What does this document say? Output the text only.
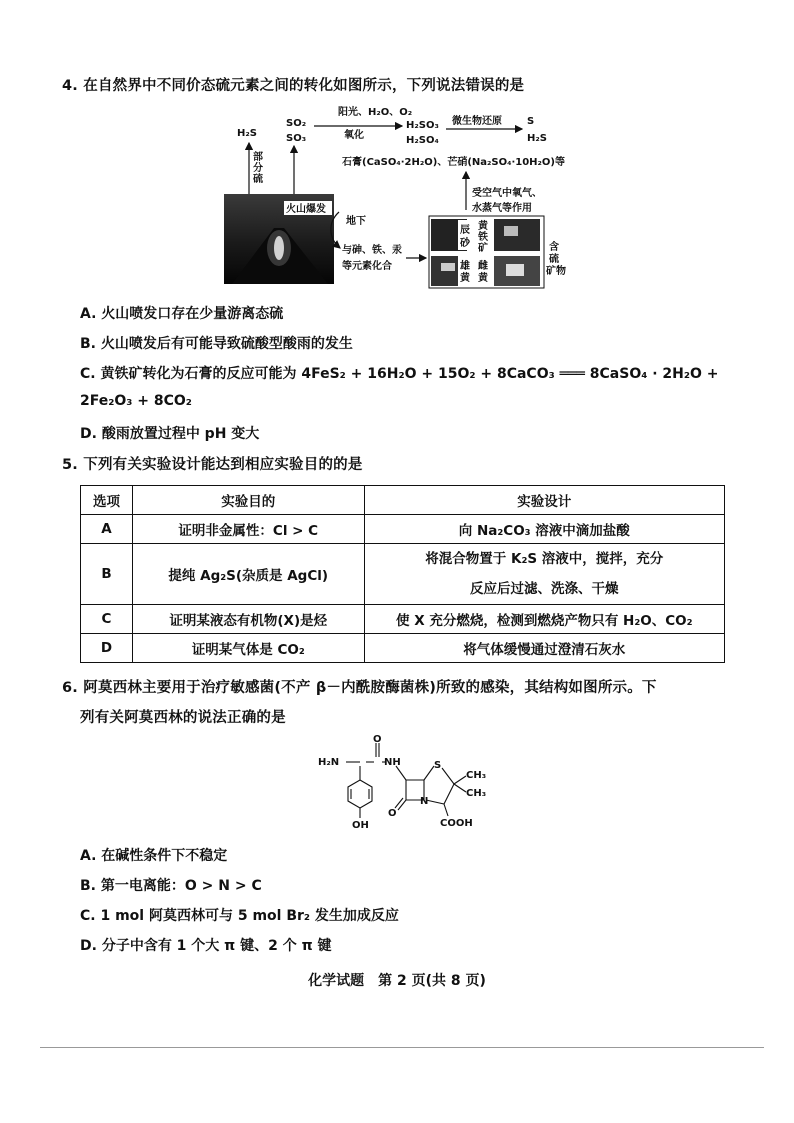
4. 在自然界中不同价态硫元素之间的转化如图所示，下列说法错误的是
H₂S
SO₂
SO₃
阳光、H₂O、O₂
氧化
H₂SO₃
H₂SO₄
微生物还原	S
H₂S
石膏(CaSO₄·2H₂O)、芒硝(Na₂SO₄·10H₂O)等
部
分
硫
火山爆发
地下
与砷、铁、汞
等元素化合
受空气中氧气、
水蒸气等作用
辰
砂
黄
铁
矿
雄
黄
雌
黄
含
硫
矿物
A. 火山喷发口存在少量游离态硫
B. 火山喷发后有可能导致硫酸型酸雨的发生
C. 黄铁矿转化为石膏的反应可能为 4FeS₂ + 16H₂O + 15O₂ + 8CaCO₃ ═══ 8CaSO₄ · 2H₂O +
2Fe₂O₃ + 8CO₂
D. 酸雨放置过程中 pH 变大
5. 下列有关实验设计能达到相应实验目的的是
选项	实验目的	实验设计
A	证明非金属性：Cl > C	向 Na₂CO₃ 溶液中滴加盐酸
B	提纯 Ag₂S(杂质是 AgCl)	将混合物置于 K₂S 溶液中，搅拌，充分
反应后过滤、洗涤、干燥

C	证明某液态有机物(X)是烃	使 X 充分燃烧，检测到燃烧产物只有 H₂O、CO₂
D	证明某气体是 CO₂	将气体缓慢通过澄清石灰水
6. 阿莫西林主要用于治疗敏感菌(不产 β－内酰胺酶菌株)所致的感染，其结构如图所示。下
列有关阿莫西林的说法正确的是
H₂N
O
NH	S
CH₃
CH₃
N
O
COOH
OH
A. 在碱性条件下不稳定
B. 第一电离能：O > N > C
C. 1 mol 阿莫西林可与 5 mol Br₂ 发生加成反应
D. 分子中含有 1 个大 π 键、2 个 π 键
化学试题　第 2 页(共 8 页)
